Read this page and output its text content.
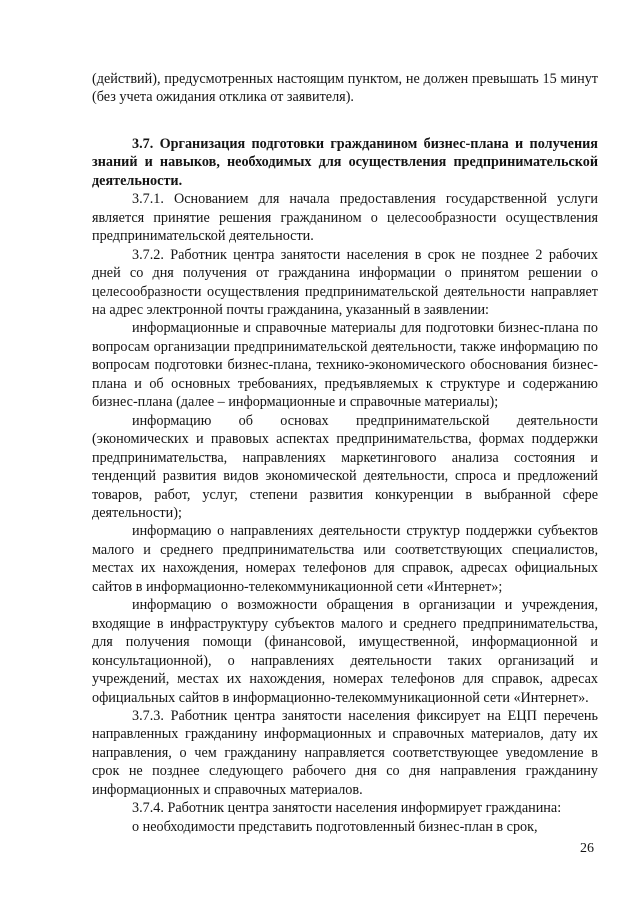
(действий), предусмотренных настоящим пунктом, не должен превышать 15 минут (без учета ожидания отклика от заявителя).

3.7. Организация подготовки гражданином бизнес-плана и получения знаний и навыков, необходимых для осуществления предпринимательской деятельности.

3.7.1. Основанием для начала предоставления государственной услуги является принятие решения гражданином о целесообразности осуществления предпринимательской деятельности.

3.7.2. Работник центра занятости населения в срок не позднее 2 рабочих дней со дня получения от гражданина информации о принятом решении о целесообразности осуществления предпринимательской деятельности направляет на адрес электронной почты гражданина, указанный в заявлении:

информационные и справочные материалы для подготовки бизнес-плана по вопросам организации предпринимательской деятельности, также информацию по вопросам подготовки бизнес-плана, технико-экономического обоснования бизнес-плана и об основных требованиях, предъявляемых к структуре и содержанию бизнес-плана (далее – информационные и справочные материалы);

информацию об основах предпринимательской деятельности (экономических и правовых аспектах предпринимательства, формах поддержки предпринимательства, направлениях маркетингового анализа состояния и тенденций развития видов экономической деятельности, спроса и предложений товаров, работ, услуг, степени развития конкуренции в выбранной сфере деятельности);

информацию о направлениях деятельности структур поддержки субъектов малого и среднего предпринимательства или соответствующих специалистов, местах их нахождения, номерах телефонов для справок, адресах официальных сайтов в информационно-телекоммуникационной сети «Интернет»;

информацию о возможности обращения в организации и учреждения, входящие в инфраструктуру субъектов малого и среднего предпринимательства, для получения помощи (финансовой, имущественной, информационной и консультационной), о направлениях деятельности таких организаций и учреждений, местах их нахождения, номерах телефонов для справок, адресах официальных сайтов в информационно-телекоммуникационной сети «Интернет».

3.7.3. Работник центра занятости населения фиксирует на ЕЦП перечень направленных гражданину информационных и справочных материалов, дату их направления, о чем гражданину направляется соответствующее уведомление в срок не позднее следующего рабочего дня со дня направления гражданину информационных и справочных материалов.

3.7.4. Работник центра занятости населения информирует гражданина:

о необходимости представить подготовленный бизнес-план в срок,

26
